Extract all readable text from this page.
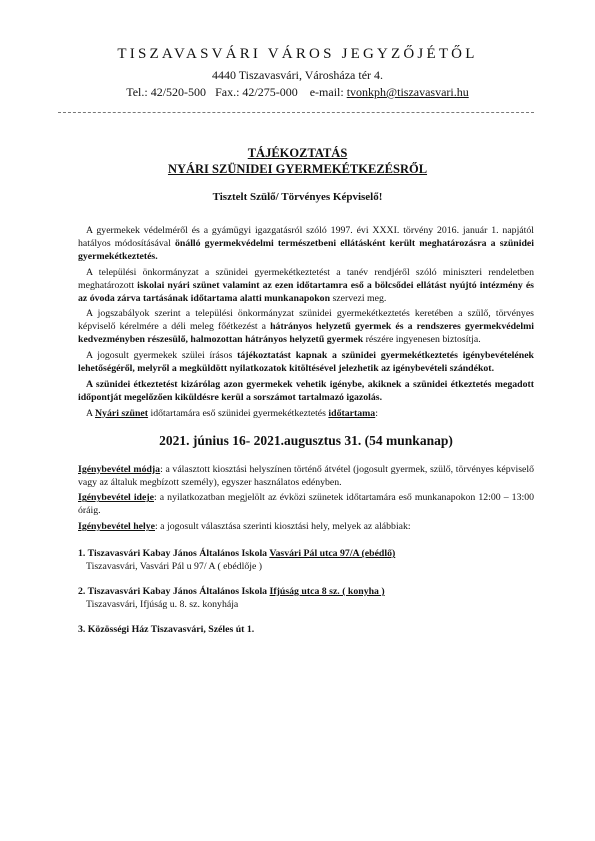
TISZAVASVÁRI VÁROS JEGYZŐJÉTŐL
4440 Tiszavasvári, Városháza tér 4.
Tel.: 42/520-500 Fax.: 42/275-000 e-mail: tvonkph@tiszavasvari.hu
TÁJÉKOZTATÁS
NYÁRI SZÜNIDEI GYERMEKÉTKEZÉSRŐL
Tisztelt Szülő/ Törvényes Képviselő!

A gyermekek védelméről és a gyámügyi igazgatásról szóló 1997. évi XXXI. törvény 2016. január 1. napjától hatályos módosításával önálló gyermekvédelmi természetbeni ellátásként került meghatározásra a szünidei gyermekétkeztetés.

A települési önkormányzat a szünidei gyermekétkeztetést a tanév rendjéről szóló miniszteri rendeletben meghatározott iskolai nyári szünet valamint az ezen időtartamra eső a bölcsődei ellátást nyújtó intézmény és az óvoda zárva tartásának időtartama alatti munkanapokon szervezi meg.

A jogszabályok szerint a települési önkormányzat szünidei gyermekétkeztetés keretében a szülő, törvényes képviselő kérelmére a déli meleg főétkezést a hátrányos helyzetű gyermek és a rendszeres gyermekvédelmi kedvezményben részesülő, halmozottan hátrányos helyzetű gyermek részére ingyenesen biztosítja.

A jogosult gyermekek szülei írásos tájékoztatást kapnak a szünidei gyermekétkeztetés igénybevételének lehetőségéről, melyről a megküldött nyilatkozatok kitöltésével jelezhetik az igénybevételi szándékot.

A szünidei étkeztetést kizárólag azon gyermekek vehetik igénybe, akiknek a szünidei étkeztetés megadott időpontját megelőzően kiküldésre kerül a sorszámot tartalmazó igazolás.

A Nyári szünet időtartamára eső szünidei gyermekétkeztetés időtartama:

2021. június 16- 2021.augusztus 31. (54 munkanap)

Igénybevétel módja: a választott kiosztási helyszínen történő átvétel (jogosult gyermek, szülő, törvényes képviselő vagy az általuk megbízott személy), egyszer használatos edényben.

Igénybevétel ideje: a nyilatkozatban megjelölt az évközi szünetek időtartamára eső munkanapokon 12:00 – 13:00 óráig.

Igénybevétel helye: a jogosult választása szerinti kiosztási hely, melyek az alábbiak:

1. Tiszavasvári Kabay János Általános Iskola Vasvári Pál utca 97/A (ebédlő)
Tiszavasvári, Vasvári Pál u 97/ A ( ebédlője )
2. Tiszavasvári Kabay János Általános Iskola Ifjúság utca 8 sz. ( konyha )
Tiszavasvári, Ifjúság u. 8. sz. konyhája
3. Közösségi Ház Tiszavasvári, Széles út 1.
